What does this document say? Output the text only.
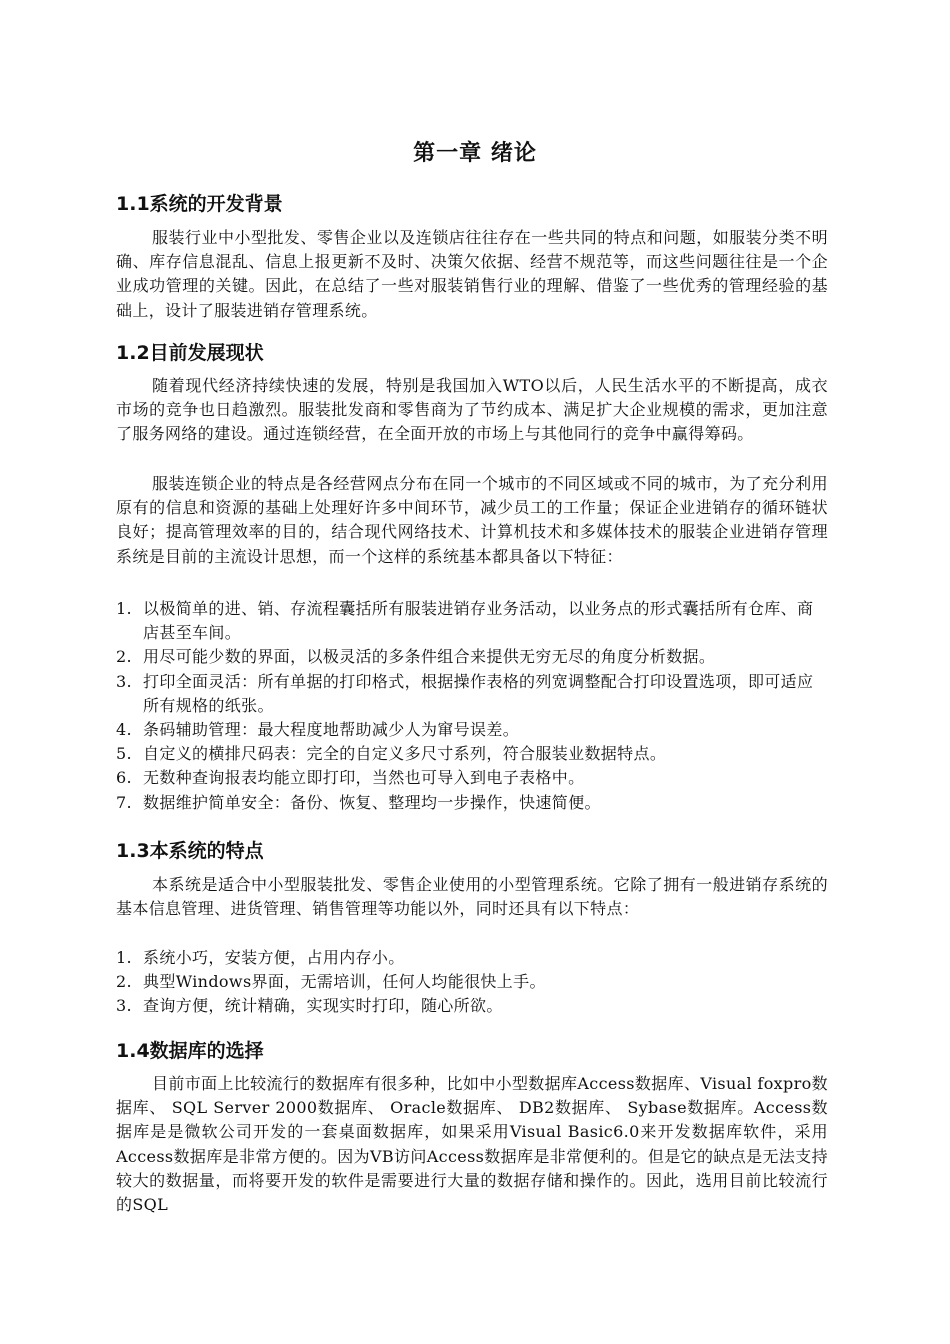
第一章 绪论
1.1系统的开发背景
服装行业中小型批发、零售企业以及连锁店往往存在一些共同的特点和问题，如服装分类不明确、库存信息混乱、信息上报更新不及时、决策欠依据、经营不规范等，而这些问题往往是一个企业成功管理的关键。因此，在总结了一些对服装销售行业的理解、借鉴了一些优秀的管理经验的基础上，设计了服装进销存管理系统。
1.2目前发展现状
随着现代经济持续快速的发展，特别是我国加入WTO以后，人民生活水平的不断提高，成衣市场的竞争也日趋激烈。服装批发商和零售商为了节约成本、满足扩大企业规模的需求，更加注意了服务网络的建设。通过连锁经营，在全面开放的市场上与其他同行的竞争中赢得筹码。
服装连锁企业的特点是各经营网点分布在同一个城市的不同区域或不同的城市，为了充分利用原有的信息和资源的基础上处理好许多中间环节，减少员工的工作量；保证企业进销存的循环链状良好；提高管理效率的目的，结合现代网络技术、计算机技术和多媒体技术的服装企业进销存管理系统是目前的主流设计思想，而一个这样的系统基本都具备以下特征：
1. 以极简单的进、销、存流程囊括所有服装进销存业务活动，以业务点的形式囊括所有仓库、商店甚至车间。
2. 用尽可能少数的界面，以极灵活的多条件组合来提供无穷无尽的角度分析数据。
3. 打印全面灵活：所有单据的打印格式，根据操作表格的列宽调整配合打印设置选项，即可适应所有规格的纸张。
4. 条码辅助管理：最大程度地帮助减少人为窜号误差。
5. 自定义的横排尺码表：完全的自定义多尺寸系列，符合服装业数据特点。
6. 无数种查询报表均能立即打印，当然也可导入到电子表格中。
7. 数据维护简单安全：备份、恢复、整理均一步操作，快速简便。
1.3本系统的特点
本系统是适合中小型服装批发、零售企业使用的小型管理系统。它除了拥有一般进销存系统的基本信息管理、进货管理、销售管理等功能以外，同时还具有以下特点：
1. 系统小巧，安装方便，占用内存小。
2. 典型Windows界面，无需培训，任何人均能很快上手。
3. 查询方便，统计精确，实现实时打印，随心所欲。
1.4数据库的选择
目前市面上比较流行的数据库有很多种，比如中小型数据库Access数据库、Visual foxpro数据库、 SQL Server 2000数据库、 Oracle数据库、 DB2数据库、 Sybase数据库。Access数据库是是微软公司开发的一套桌面数据库，如果采用Visual Basic6.0来开发数据库软件，采用Access数据库是非常方便的。因为VB访问Access数据库是非常便利的。但是它的缺点是无法支持较大的数据量，而将要开发的软件是需要进行大量的数据存储和操作的。因此，选用目前比较流行的SQL
